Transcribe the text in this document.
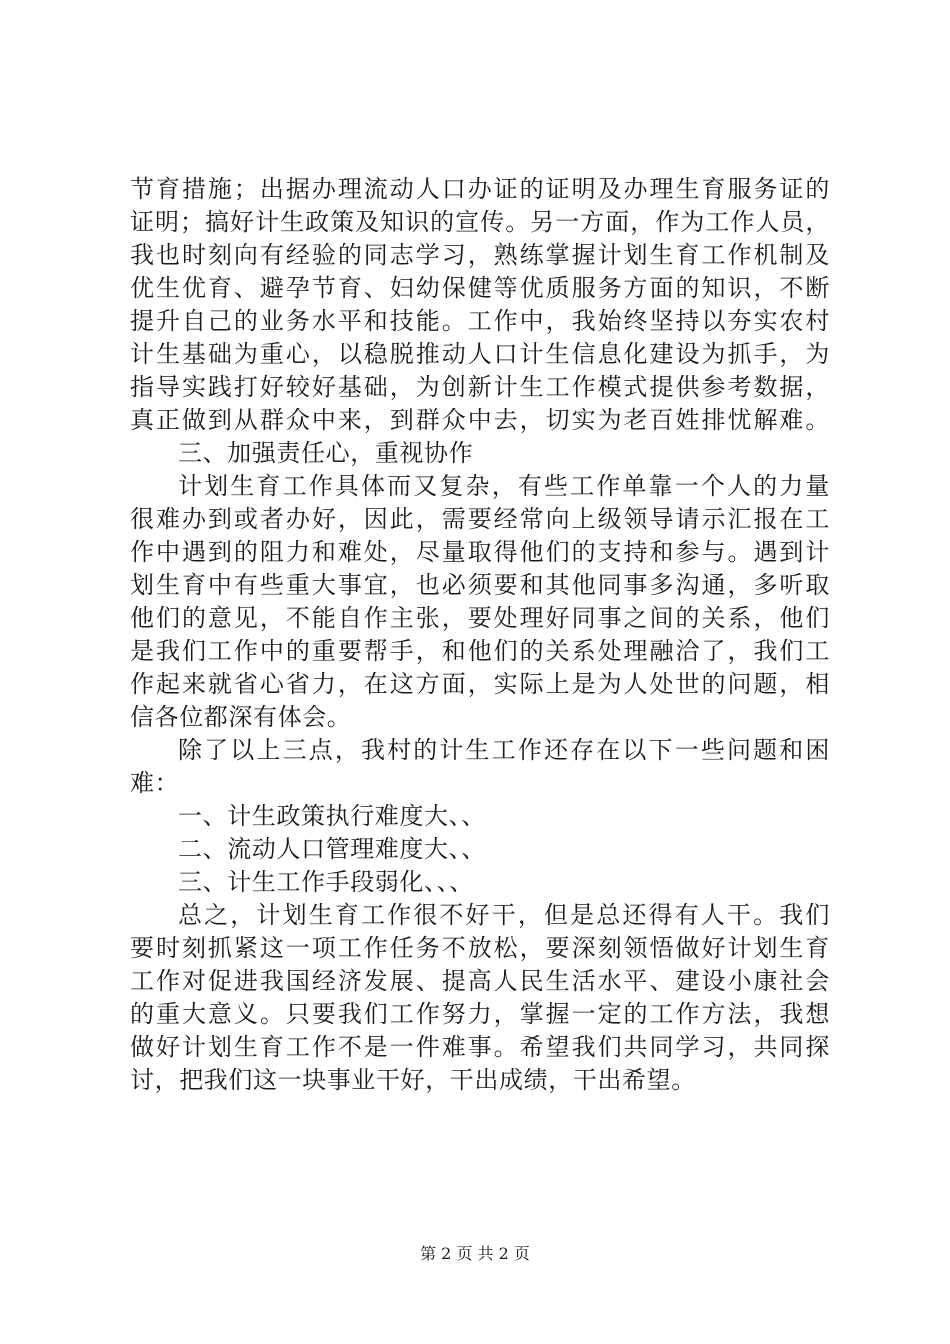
节育措施；出据办理流动人口办证的证明及办理生育服务证的
证明；搞好计生政策及知识的宣传。另一方面，作为工作人员，
我也时刻向有经验的同志学习，熟练掌握计划生育工作机制及
优生优育、避孕节育、妇幼保健等优质服务方面的知识，不断
提升自己的业务水平和技能。工作中，我始终坚持以夯实农村
计生基础为重心，以稳脱推动人口计生信息化建设为抓手，为
指导实践打好较好基础，为创新计生工作模式提供参考数据，
真正做到从群众中来，到群众中去，切实为老百姓排忧解难。
三、加强责任心，重视协作
计划生育工作具体而又复杂，有些工作单靠一个人的力量
很难办到或者办好，因此，需要经常向上级领导请示汇报在工
作中遇到的阻力和难处，尽量取得他们的支持和参与。遇到计
划生育中有些重大事宜，也必须要和其他同事多沟通，多听取
他们的意见，不能自作主张，要处理好同事之间的关系，他们
是我们工作中的重要帮手，和他们的关系处理融洽了，我们工
作起来就省心省力，在这方面，实际上是为人处世的问题，相
信各位都深有体会。
除了以上三点，我村的计生工作还存在以下一些问题和困
难：
一、计生政策执行难度大、、
二、流动人口管理难度大、、
三、计生工作手段弱化、、、
总之，计划生育工作很不好干，但是总还得有人干。我们
要时刻抓紧这一项工作任务不放松，要深刻领悟做好计划生育
工作对促进我国经济发展、提高人民生活水平、建设小康社会
的重大意义。只要我们工作努力，掌握一定的工作方法，我想
做好计划生育工作不是一件难事。希望我们共同学习，共同探
讨，把我们这一块事业干好，干出成绩，干出希望。
第 2 页 共 2 页
